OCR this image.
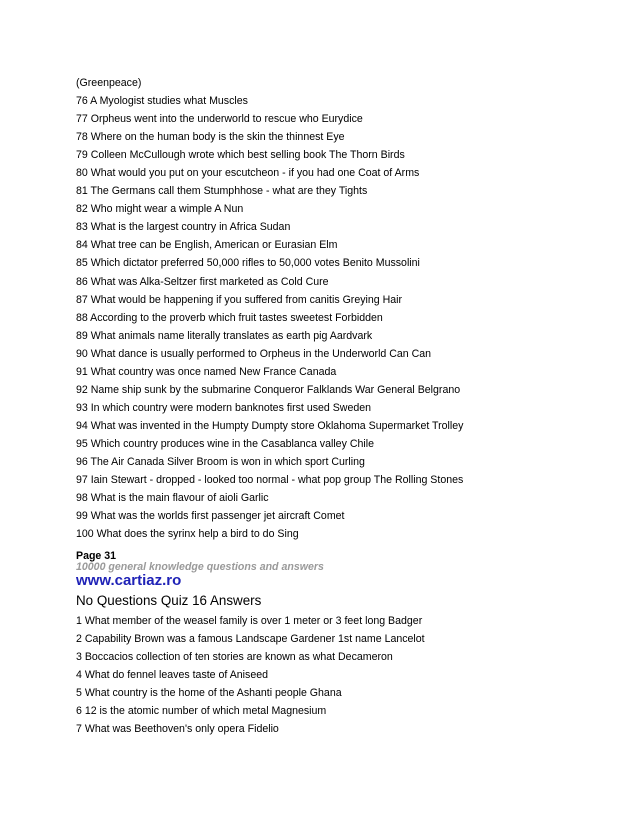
(Greenpeace)
76 A Myologist studies what Muscles
77 Orpheus went into the underworld to rescue who Eurydice
78 Where on the human body is the skin the thinnest Eye
79 Colleen McCullough wrote which best selling book The Thorn Birds
80 What would you put on your escutcheon - if you had one Coat of Arms
81 The Germans call them Stumphhose - what are they Tights
82 Who might wear a wimple A Nun
83 What is the largest country in Africa Sudan
84 What tree can be English, American or Eurasian Elm
85 Which dictator preferred 50,000 rifles to 50,000 votes Benito Mussolini
86 What was Alka-Seltzer first marketed as Cold Cure
87 What would be happening if you suffered from canitis Greying Hair
88 According to the proverb which fruit tastes sweetest Forbidden
89 What animals name literally translates as earth pig Aardvark
90 What dance is usually performed to Orpheus in the Underworld Can Can
91 What country was once named New France Canada
92 Name ship sunk by the submarine Conqueror Falklands War General Belgrano
93 In which country were modern banknotes first used Sweden
94 What was invented in the Humpty Dumpty store Oklahoma Supermarket Trolley
95 Which country produces wine in the Casablanca valley Chile
96 The Air Canada Silver Broom is won in which sport Curling
97 Iain Stewart - dropped - looked too normal - what pop group The Rolling Stones
98 What is the main flavour of aioli Garlic
99 What was the worlds first passenger jet aircraft Comet
100 What does the syrinx help a bird to do Sing
Page 31
10000 general knowledge questions and answers
www.cartiaz.ro
No Questions Quiz 16 Answers
1 What member of the weasel family is over 1 meter or 3 feet long Badger
2 Capability Brown was a famous Landscape Gardener 1st name Lancelot
3 Boccacios collection of ten stories are known as what Decameron
4 What do fennel leaves taste of Aniseed
5 What country is the home of the Ashanti people Ghana
6 12 is the atomic number of which metal Magnesium
7 What was Beethoven's only opera Fidelio
